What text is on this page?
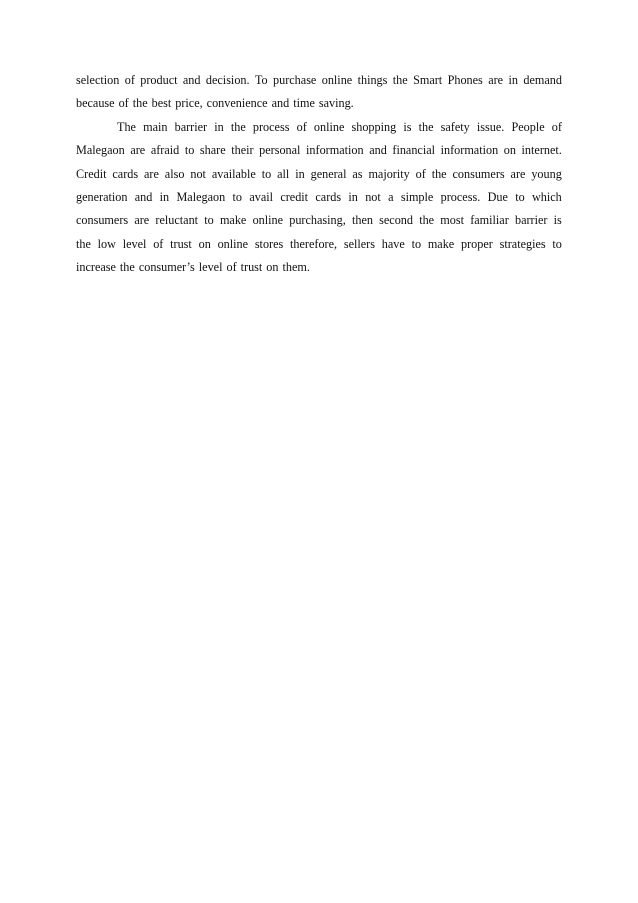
selection of product and decision. To purchase online things the Smart Phones are in demand
because of the best price, convenience and time saving.
The main barrier in the process of online shopping is the safety issue. People of
Malegaon are afraid to share their personal information and financial information on internet.
Credit cards are also not available to all in general as majority of the consumers are young
generation and in Malegaon to avail credit cards in not a simple process. Due to which
consumers are reluctant to make online purchasing, then second the most familiar barrier is
the low level of trust on online stores therefore, sellers have to make proper strategies to
increase the consumer’s level of trust on them.
